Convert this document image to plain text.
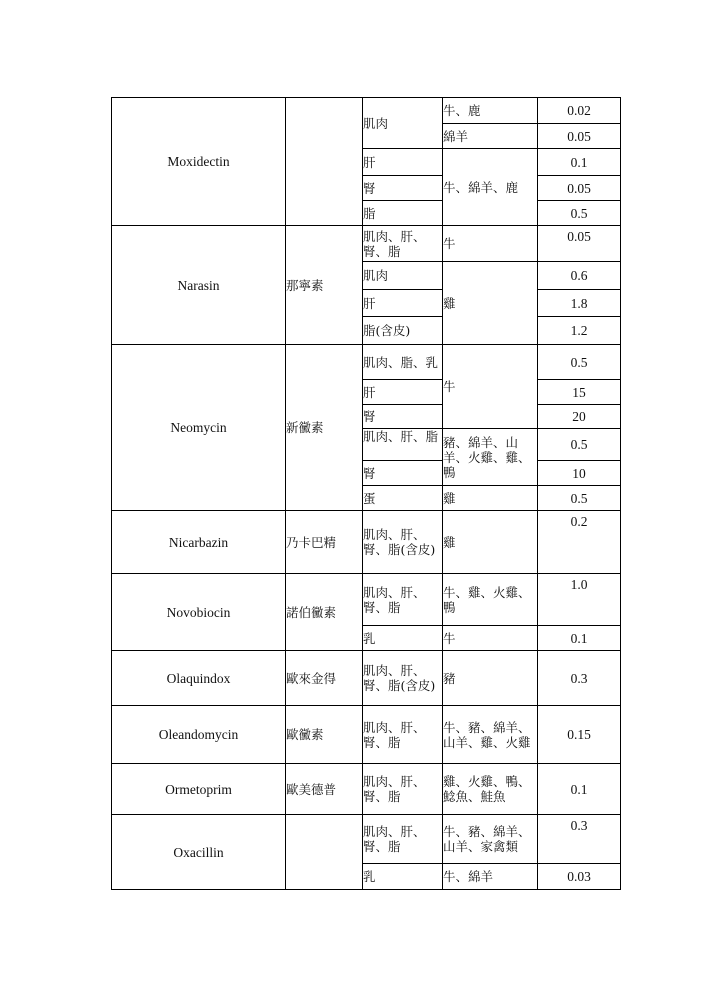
Moxidectin		肌肉	牛、鹿	0.02
			綿羊	0.05
		肝	牛、綿羊、鹿	0.1
		腎		0.05
		脂		0.5
Narasin	那寧素	肌肉、肝、腎、脂	牛	0.05
		肌肉	雞	0.6
		肝		1.8
		脂(含皮)		1.2
Neomycin	新黴素	肌肉、脂、乳	牛	0.5
		肝		15
		腎		20
		肌肉、肝、脂	豬、綿羊、山羊、火雞、雞、鴨	0.5
		腎		10
		蛋	雞	0.5
Nicarbazin	乃卡巴精	肌肉、肝、腎、脂(含皮)	雞	0.2
Novobiocin	諾伯黴素	肌肉、肝、腎、脂	牛、雞、火雞、鴨	1.0
		乳	牛	0.1
Olaquindox	歐來金得	肌肉、肝、腎、脂(含皮)	豬	0.3
Oleandomycin	歐黴素	肌肉、肝、腎、脂	牛、豬、綿羊、山羊、雞、火雞	0.15
Ormetoprim	歐美德普	肌肉、肝、腎、脂	雞、火雞、鴨、鯰魚、鮭魚	0.1
Oxacillin		肌肉、肝、腎、脂	牛、豬、綿羊、山羊、家禽類	0.3
		乳	牛、綿羊	0.03
